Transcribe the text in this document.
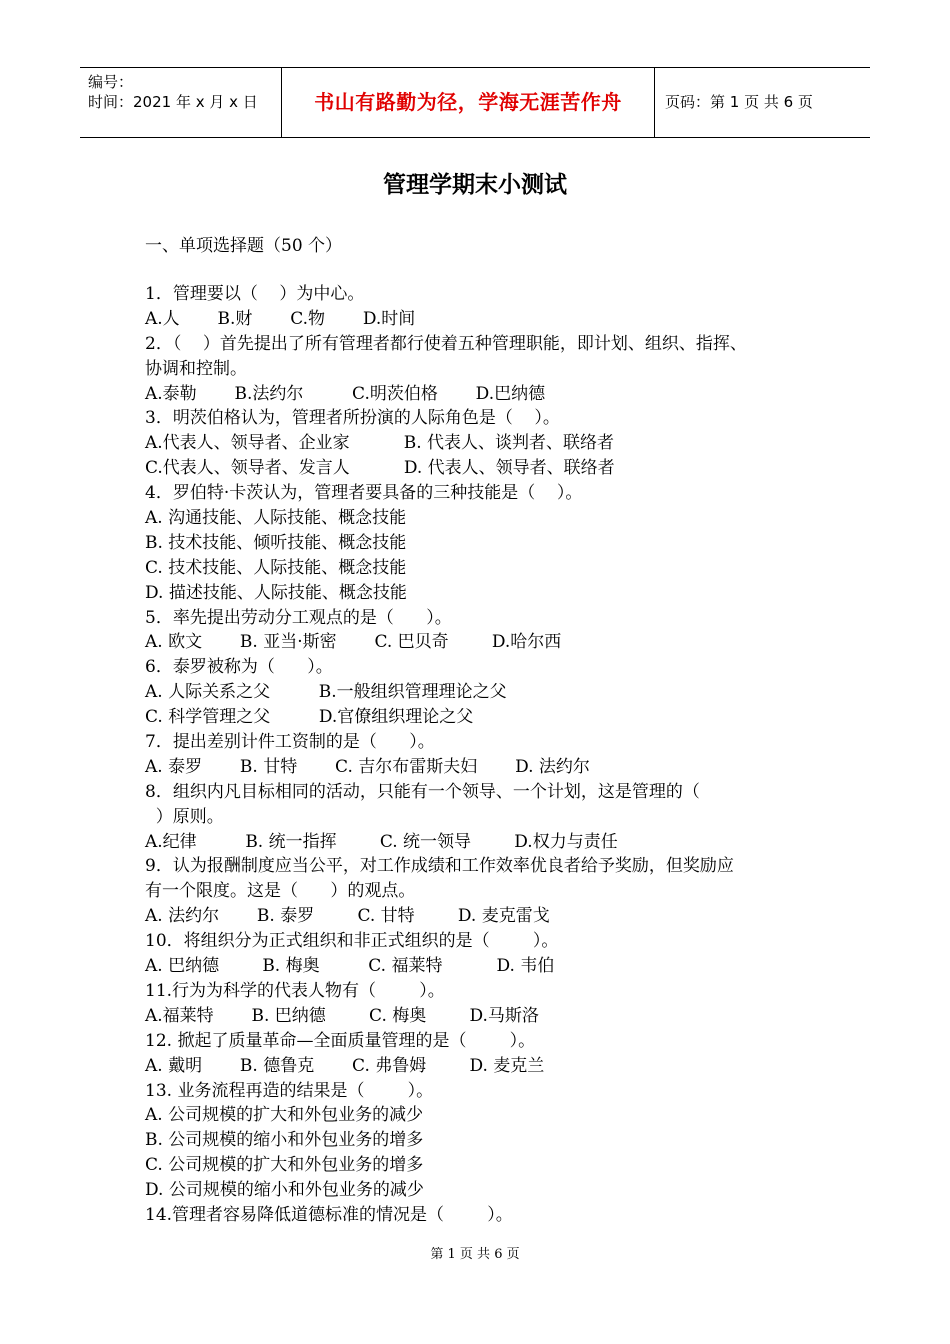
编号：
时间：2021 年 x 月 x 日	书山有路勤为径，学海无涯苦作舟	页码：第 1 页 共 6 页
管理学期末小测试
一、单项选择题（50 个）
1．管理要以（    ）为中心。
A.人       B.财       C.物       D.时间
2．（    ）首先提出了所有管理者都行使着五种管理职能，即计划、组织、指挥、
协调和控制。
A.泰勒       B.法约尔         C.明茨伯格       D.巴纳德
3．明茨伯格认为，管理者所扮演的人际角色是（    ）。
A.代表人、领导者、企业家          B. 代表人、谈判者、联络者
C.代表人、领导者、发言人          D. 代表人、领导者、联络者
4．罗伯特·卡茨认为，管理者要具备的三种技能是（    ）。
A. 沟通技能、人际技能、概念技能
B. 技术技能、倾听技能、概念技能
C. 技术技能、人际技能、概念技能
D. 描述技能、人际技能、概念技能
5．率先提出劳动分工观点的是（      ）。
A. 欧文       B. 亚当·斯密       C. 巴贝奇        D.哈尔西
6．泰罗被称为（      ）。
A. 人际关系之父         B.一般组织管理理论之父
C. 科学管理之父         D.官僚组织理论之父
7．提出差别计件工资制的是（      ）。
A. 泰罗       B. 甘特       C. 吉尔布雷斯夫妇       D. 法约尔
8．组织内凡目标相同的活动，只能有一个领导、一个计划，这是管理的（
）原则。
A.纪律         B. 统一指挥        C. 统一领导        D.权力与责任
9．认为报酬制度应当公平，对工作成绩和工作效率优良者给予奖励，但奖励应
有一个限度。这是（      ）的观点。
A. 法约尔       B. 泰罗        C. 甘特        D. 麦克雷戈
10．将组织分为正式组织和非正式组织的是（        ）。
A. 巴纳德        B. 梅奥         C. 福莱特          D. 韦伯
11.行为为科学的代表人物有（        ）。
A.福莱特       B. 巴纳德        C. 梅奥        D.马斯洛
12. 掀起了质量革命—全面质量管理的是（        ）。
A. 戴明       B. 德鲁克       C. 弗鲁姆        D. 麦克兰
13. 业务流程再造的结果是（        ）。
A. 公司规模的扩大和外包业务的减少
B. 公司规模的缩小和外包业务的增多
C. 公司规模的扩大和外包业务的增多
D. 公司规模的缩小和外包业务的减少
14.管理者容易降低道德标准的情况是（        ）。
第 1 页 共 6 页
